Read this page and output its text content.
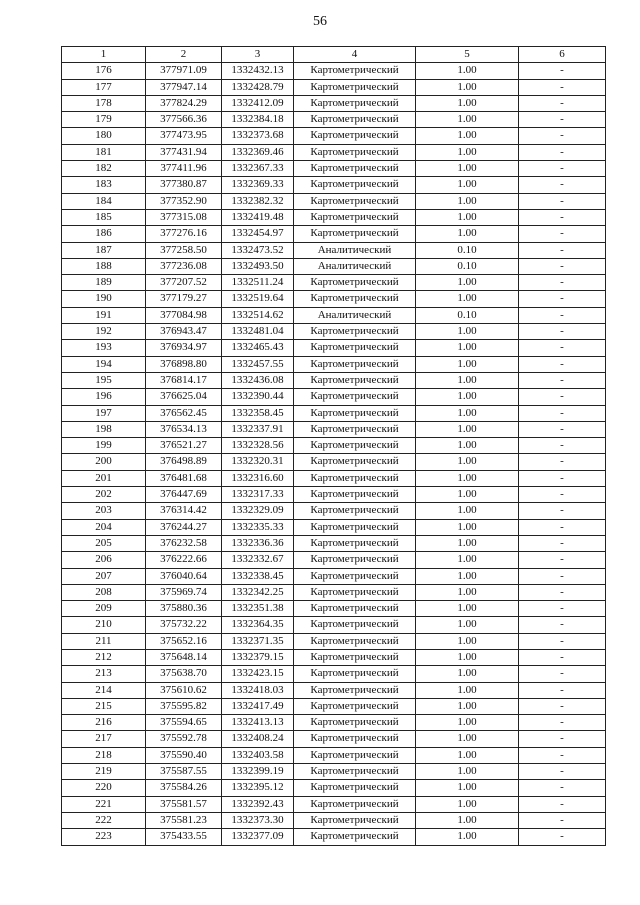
56
1	2	3	4	5	6
176	377971.09	1332432.13	Картометрический	1.00	-
177	377947.14	1332428.79	Картометрический	1.00	-
178	377824.29	1332412.09	Картометрический	1.00	-
179	377566.36	1332384.18	Картометрический	1.00	-
180	377473.95	1332373.68	Картометрический	1.00	-
181	377431.94	1332369.46	Картометрический	1.00	-
182	377411.96	1332367.33	Картометрический	1.00	-
183	377380.87	1332369.33	Картометрический	1.00	-
184	377352.90	1332382.32	Картометрический	1.00	-
185	377315.08	1332419.48	Картометрический	1.00	-
186	377276.16	1332454.97	Картометрический	1.00	-
187	377258.50	1332473.52	Аналитический	0.10	-
188	377236.08	1332493.50	Аналитический	0.10	-
189	377207.52	1332511.24	Картометрический	1.00	-
190	377179.27	1332519.64	Картометрический	1.00	-
191	377084.98	1332514.62	Аналитический	0.10	-
192	376943.47	1332481.04	Картометрический	1.00	-
193	376934.97	1332465.43	Картометрический	1.00	-
194	376898.80	1332457.55	Картометрический	1.00	-
195	376814.17	1332436.08	Картометрический	1.00	-
196	376625.04	1332390.44	Картометрический	1.00	-
197	376562.45	1332358.45	Картометрический	1.00	-
198	376534.13	1332337.91	Картометрический	1.00	-
199	376521.27	1332328.56	Картометрический	1.00	-
200	376498.89	1332320.31	Картометрический	1.00	-
201	376481.68	1332316.60	Картометрический	1.00	-
202	376447.69	1332317.33	Картометрический	1.00	-
203	376314.42	1332329.09	Картометрический	1.00	-
204	376244.27	1332335.33	Картометрический	1.00	-
205	376232.58	1332336.36	Картометрический	1.00	-
206	376222.66	1332332.67	Картометрический	1.00	-
207	376040.64	1332338.45	Картометрический	1.00	-
208	375969.74	1332342.25	Картометрический	1.00	-
209	375880.36	1332351.38	Картометрический	1.00	-
210	375732.22	1332364.35	Картометрический	1.00	-
211	375652.16	1332371.35	Картометрический	1.00	-
212	375648.14	1332379.15	Картометрический	1.00	-
213	375638.70	1332423.15	Картометрический	1.00	-
214	375610.62	1332418.03	Картометрический	1.00	-
215	375595.82	1332417.49	Картометрический	1.00	-
216	375594.65	1332413.13	Картометрический	1.00	-
217	375592.78	1332408.24	Картометрический	1.00	-
218	375590.40	1332403.58	Картометрический	1.00	-
219	375587.55	1332399.19	Картометрический	1.00	-
220	375584.26	1332395.12	Картометрический	1.00	-
221	375581.57	1332392.43	Картометрический	1.00	-
222	375581.23	1332373.30	Картометрический	1.00	-
223	375433.55	1332377.09	Картометрический	1.00	-
